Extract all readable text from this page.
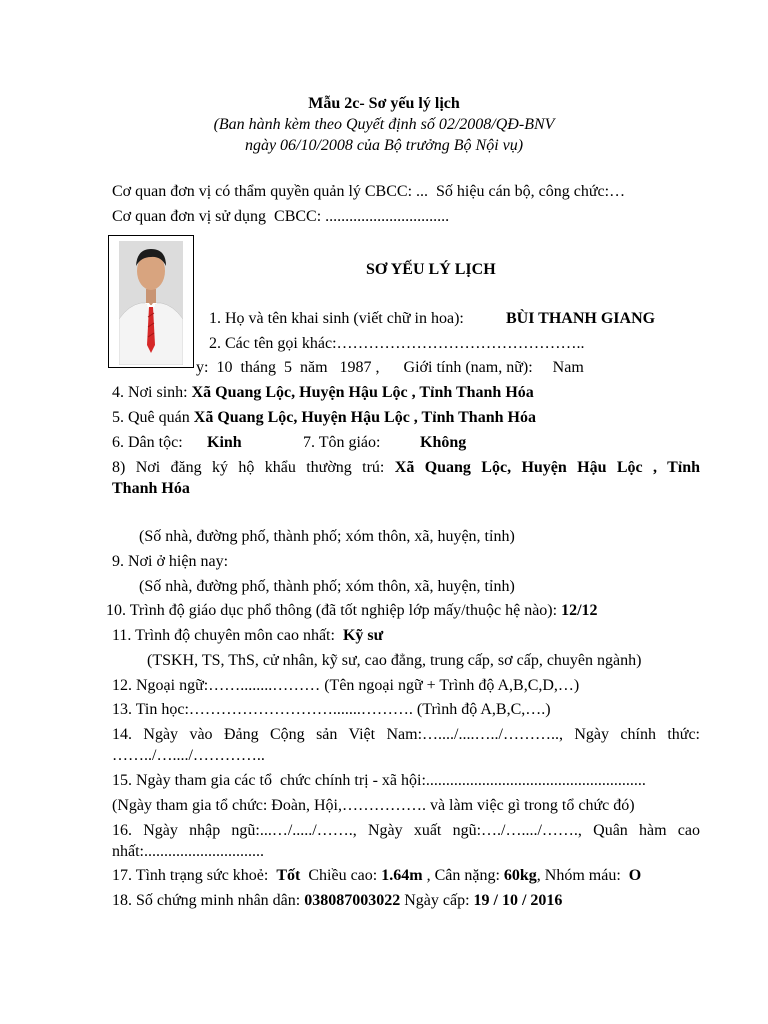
Mẫu 2c- Sơ yếu lý lịch
(Ban hành kèm theo Quyết định số 02/2008/QĐ-BNV
ngày 06/10/2008 của Bộ trưởng Bộ Nội vụ)
Cơ quan đơn vị có thẩm quyền quản lý CBCC: ...  Số hiệu cán bộ, công chức:…
Cơ quan đơn vị sử dụng  CBCC: ...............................
SƠ YẾU LÝ LỊCH
1. Họ và tên khai sinh (viết chữ in hoa):	BÙI THANH GIANG
2. Các tên gọi khác:………………………………………..
y:  10  tháng  5  năm   1987 ,      Giới tính (nam, nữ):     Nam
4. Nơi sinh: Xã Quang Lộc, Huyện Hậu Lộc , Tỉnh Thanh Hóa
5. Quê quán Xã Quang Lộc, Huyện Hậu Lộc , Tỉnh Thanh Hóa
6. Dân tộc: Kinh	7. Tôn giáo: Không
8) Nơi đăng ký hộ khẩu thường trú: Xã Quang Lộc, Huyện Hậu Lộc , Tỉnh
Thanh Hóa
(Số nhà, đường phố, thành phố; xóm thôn, xã, huyện, tỉnh)
9. Nơi ở hiện nay:
(Số nhà, đường phố, thành phố; xóm thôn, xã, huyện, tỉnh)
10. Trình độ giáo dục phổ thông (đã tốt nghiệp lớp mấy/thuộc hệ nào): 12/12
11. Trình độ chuyên môn cao nhất:  Kỹ sư
(TSKH, TS, ThS, cử nhân, kỹ sư, cao đẳng, trung cấp, sơ cấp, chuyên ngành)
12. Ngoại ngữ:……........……… (Tên ngoại ngữ + Trình độ A,B,C,D,…)
13. Tin học:……………………….......………. (Trình độ A,B,C,….)
14. Ngày vào Đảng Cộng sản Việt Nam:…..../....…../……….., Ngày chính thức:
……../…..../…………..
15. Ngày tham gia các tổ  chức chính trị - xã hội:.......................................................
(Ngày tham gia tổ chức: Đoàn, Hội,……………. và làm việc gì trong tổ chức đó)
16. Ngày nhập ngũ:...…/...../……., Ngày xuất ngũ:…./…..../……., Quân hàm cao
nhất:..............................
17. Tình trạng sức khoẻ:  Tốt  Chiều cao: 1.64m , Cân nặng: 60kg, Nhóm máu:  O
18. Số chứng minh nhân dân: 038087003022 Ngày cấp: 19 / 10 / 2016
